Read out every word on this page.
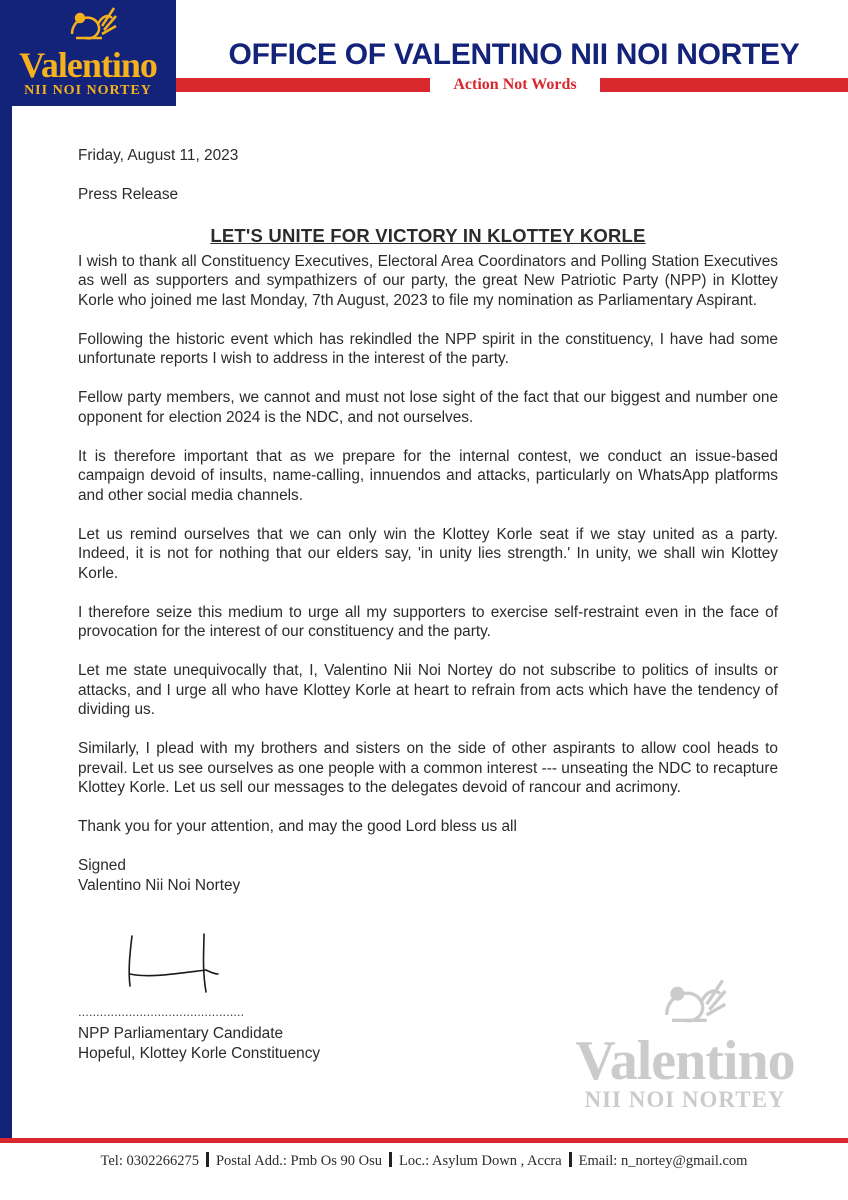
Valentino
NII NOI NORTEY
OFFICE OF VALENTINO NII NOI NORTEY
Action Not Words

Friday, August 11, 2023

Press Release

LET'S UNITE FOR VICTORY IN KLOTTEY KORLE

I wish to thank all Constituency Executives, Electoral Area Coordinators and Polling Station Executives as well as supporters and sympathizers of our party, the great New Patriotic Party (NPP) in Klottey Korle who joined me last Monday, 7th August, 2023 to file my nomination as Parliamentary Aspirant.

Following the historic event which has rekindled the NPP spirit in the constituency, I have had some unfortunate reports I wish to address in the interest of the party.

Fellow party members, we cannot and must not lose sight of the fact that our biggest and number one opponent for election 2024 is the NDC, and not ourselves.

It is therefore important that as we prepare for the internal contest, we conduct an issue-based campaign devoid of insults, name-calling, innuendos and attacks, particularly on WhatsApp platforms and other social media channels.

Let us remind ourselves that we can only win the Klottey Korle seat if we stay united as a party. Indeed, it is not for nothing that our elders say, 'in unity lies strength.' In unity, we shall win Klottey Korle.

I therefore seize this medium to urge all my supporters to exercise self-restraint even in the face of provocation for the interest of our constituency and the party.

Let me state unequivocally that, I, Valentino Nii Noi Nortey do not subscribe to politics of insults or attacks, and I urge all who have Klottey Korle at heart to refrain from acts which have the tendency of dividing us.

Similarly, I plead with my brothers and sisters on the side of other aspirants to allow cool heads to prevail. Let us see ourselves as one people with a common interest --- unseating the NDC to recapture Klottey Korle. Let us sell our messages to the delegates devoid of rancour and acrimony.

Thank you for your attention, and may the good Lord bless us all

Signed

Valentino Nii Noi Nortey

..............................................
NPP Parliamentary Candidate
Hopeful, Klottey Korle Constituency	Valentino
NII NOI NORTEY
Tel: 0302266275 Postal Add.: Pmb Os 90 Osu Loc.: Asylum Down , Accra Email: n_nortey@gmail.com
